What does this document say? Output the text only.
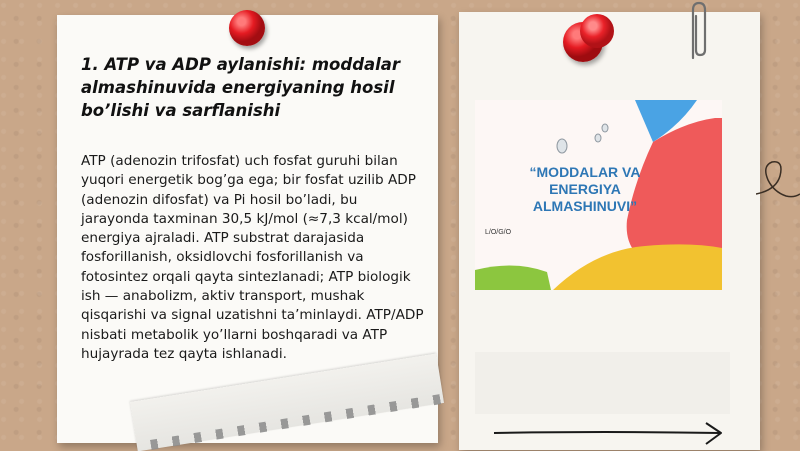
1. ATP va ADP aylanishi: moddalar almashinuvida energiyaning hosil bo’lishi va sarflanishi

ATP (adenozin trifosfat) uch fosfat guruhi bilan yuqori energetik bog’ga ega; bir fosfat uzilib ADP (adenozin difosfat) va Pi hosil bo’ladi, bu jarayonda taxminan 30,5 kJ/mol (≈7,3 kcal/mol) energiya ajraladi. ATP substrat darajasida fosforillanish, oksidlovchi fosforillanish va fotosintez orqali qayta sintezlanadi; ATP biologik ish — anabolizm, aktiv transport, mushak qisqarishi va signal uzatishni ta’minlaydi. ATP/ADP nisbati metabolik yo’llarni boshqaradi va ATP hujayrada tez qayta ishlanadi.

“MODDALAR VA ENERGIYA ALMASHINUVI”

L/O/G/O
